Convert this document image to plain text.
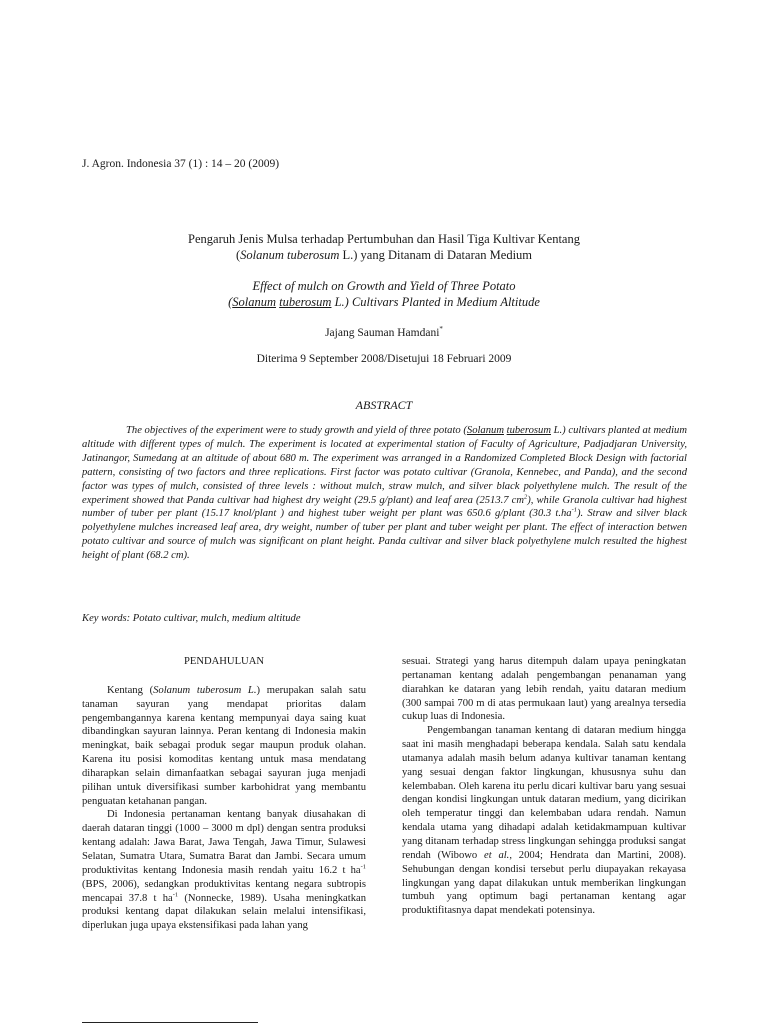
J. Agron. Indonesia 37 (1) : 14 – 20 (2009)
Pengaruh Jenis Mulsa terhadap Pertumbuhan dan Hasil Tiga Kultivar Kentang
(Solanum tuberosum L.) yang Ditanam di Dataran Medium
Effect of mulch on Growth and Yield of Three Potato
(Solanum tuberosum L.) Cultivars Planted in Medium Altitude
Jajang Sauman Hamdani*
Diterima 9 September 2008/Disetujui 18 Februari 2009
ABSTRACT
The objectives of the experiment were to study growth and yield of three potato (Solanum tuberosum L.) cultivars planted at medium altitude with different types of mulch. The experiment is located at experimental station of Faculty of Agriculture, Padjadjaran University, Jatinangor, Sumedang at an altitude of about 680 m. The experiment was arranged in a Randomized Completed Block Design with factorial pattern, consisting of two factors and three replications. First factor was potato cultivar (Granola, Kennebec, and Panda), and the second factor was types of mulch, consisted of three levels : without mulch, straw mulch, and silver black polyethylene mulch. The result of the experiment showed that Panda cultivar had highest dry weight (29.5 g/plant) and leaf area (2513.7 $cm^2$), while Granola cultivar had highest number of tuber per plant (15.17 knol/plant ) and highest tuber weight per plant was 650.6 g/plant (30.3 $t.ha^{-1}$). Straw and silver black polyethylene mulches increased leaf area, dry weight, number of tuber per plant and tuber weight per plant. The effect of interaction betwen potato cultivar and source of mulch was significant on plant height. Panda cultivar and silver black polyethylene mulch resulted the highest height of plant (68.2 cm).
Key words: Potato cultivar, mulch, medium altitude

PENDAHULUAN

Kentang (Solanum tuberosum L.) merupakan salah satu tanaman sayuran yang mendapat prioritas dalam pengembangannya karena kentang mempunyai daya saing kuat dibandingkan sayuran lainnya. Peran kentang di Indonesia makin meningkat, baik sebagai produk segar maupun produk olahan. Karena itu posisi komoditas kentang untuk masa mendatang diharapkan selain dimanfaatkan sebagai sayuran juga menjadi pilihan untuk diversifikasi sumber karbohidrat yang membantu penguatan ketahanan pangan.

Di Indonesia pertanaman kentang banyak diusahakan di daerah dataran tinggi (1000 – 3000 m dpl) dengan sentra produksi kentang adalah: Jawa Barat, Jawa Tengah, Jawa Timur, Sulawesi Selatan, Sumatra Utara, Sumatra Barat dan Jambi. Secara umum produktivitas kentang Indonesia masih rendah yaitu 16.2 t $ha^{-1}$ (BPS, 2006), sedangkan produktivitas kentang negara subtropis mencapai 37.8 t $ha^{-1}$ (Nonnecke, 1989). Usaha meningkatkan produksi kentang dapat dilakukan selain melalui intensifikasi, diperlukan juga upaya ekstensifikasi pada lahan yang

sesuai. Strategi yang harus ditempuh dalam upaya peningkatan pertanaman kentang adalah pengembangan penanaman yang diarahkan ke dataran yang lebih rendah, yaitu dataran medium (300 sampai 700 m di atas permukaan laut) yang arealnya tersedia cukup luas di Indonesia.

Pengembangan tanaman kentang di dataran medium hingga saat ini masih menghadapi beberapa kendala. Salah satu kendala utamanya adalah masih belum adanya kultivar tanaman kentang yang sesuai dengan faktor lingkungan, khususnya suhu dan kelembaban. Oleh karena itu perlu dicari kultivar baru yang sesuai dengan kondisi lingkungan untuk dataran medium, yang dicirikan oleh temperatur tinggi dan kelembaban udara rendah. Namun kendala utama yang dihadapi adalah ketidakmampuan kultivar yang ditanam terhadap stress lingkungan sehingga produksi sangat rendah (Wibowo et al., 2004; Hendrata dan Martini, 2008). Sehubungan dengan kondisi tersebut perlu diupayakan rekayasa lingkungan yang dapat dilakukan untuk memberikan lingkungan tumbuh yang optimum bagi pertanaman kentang agar produktifitasnya dapat mendekati potensinya.
